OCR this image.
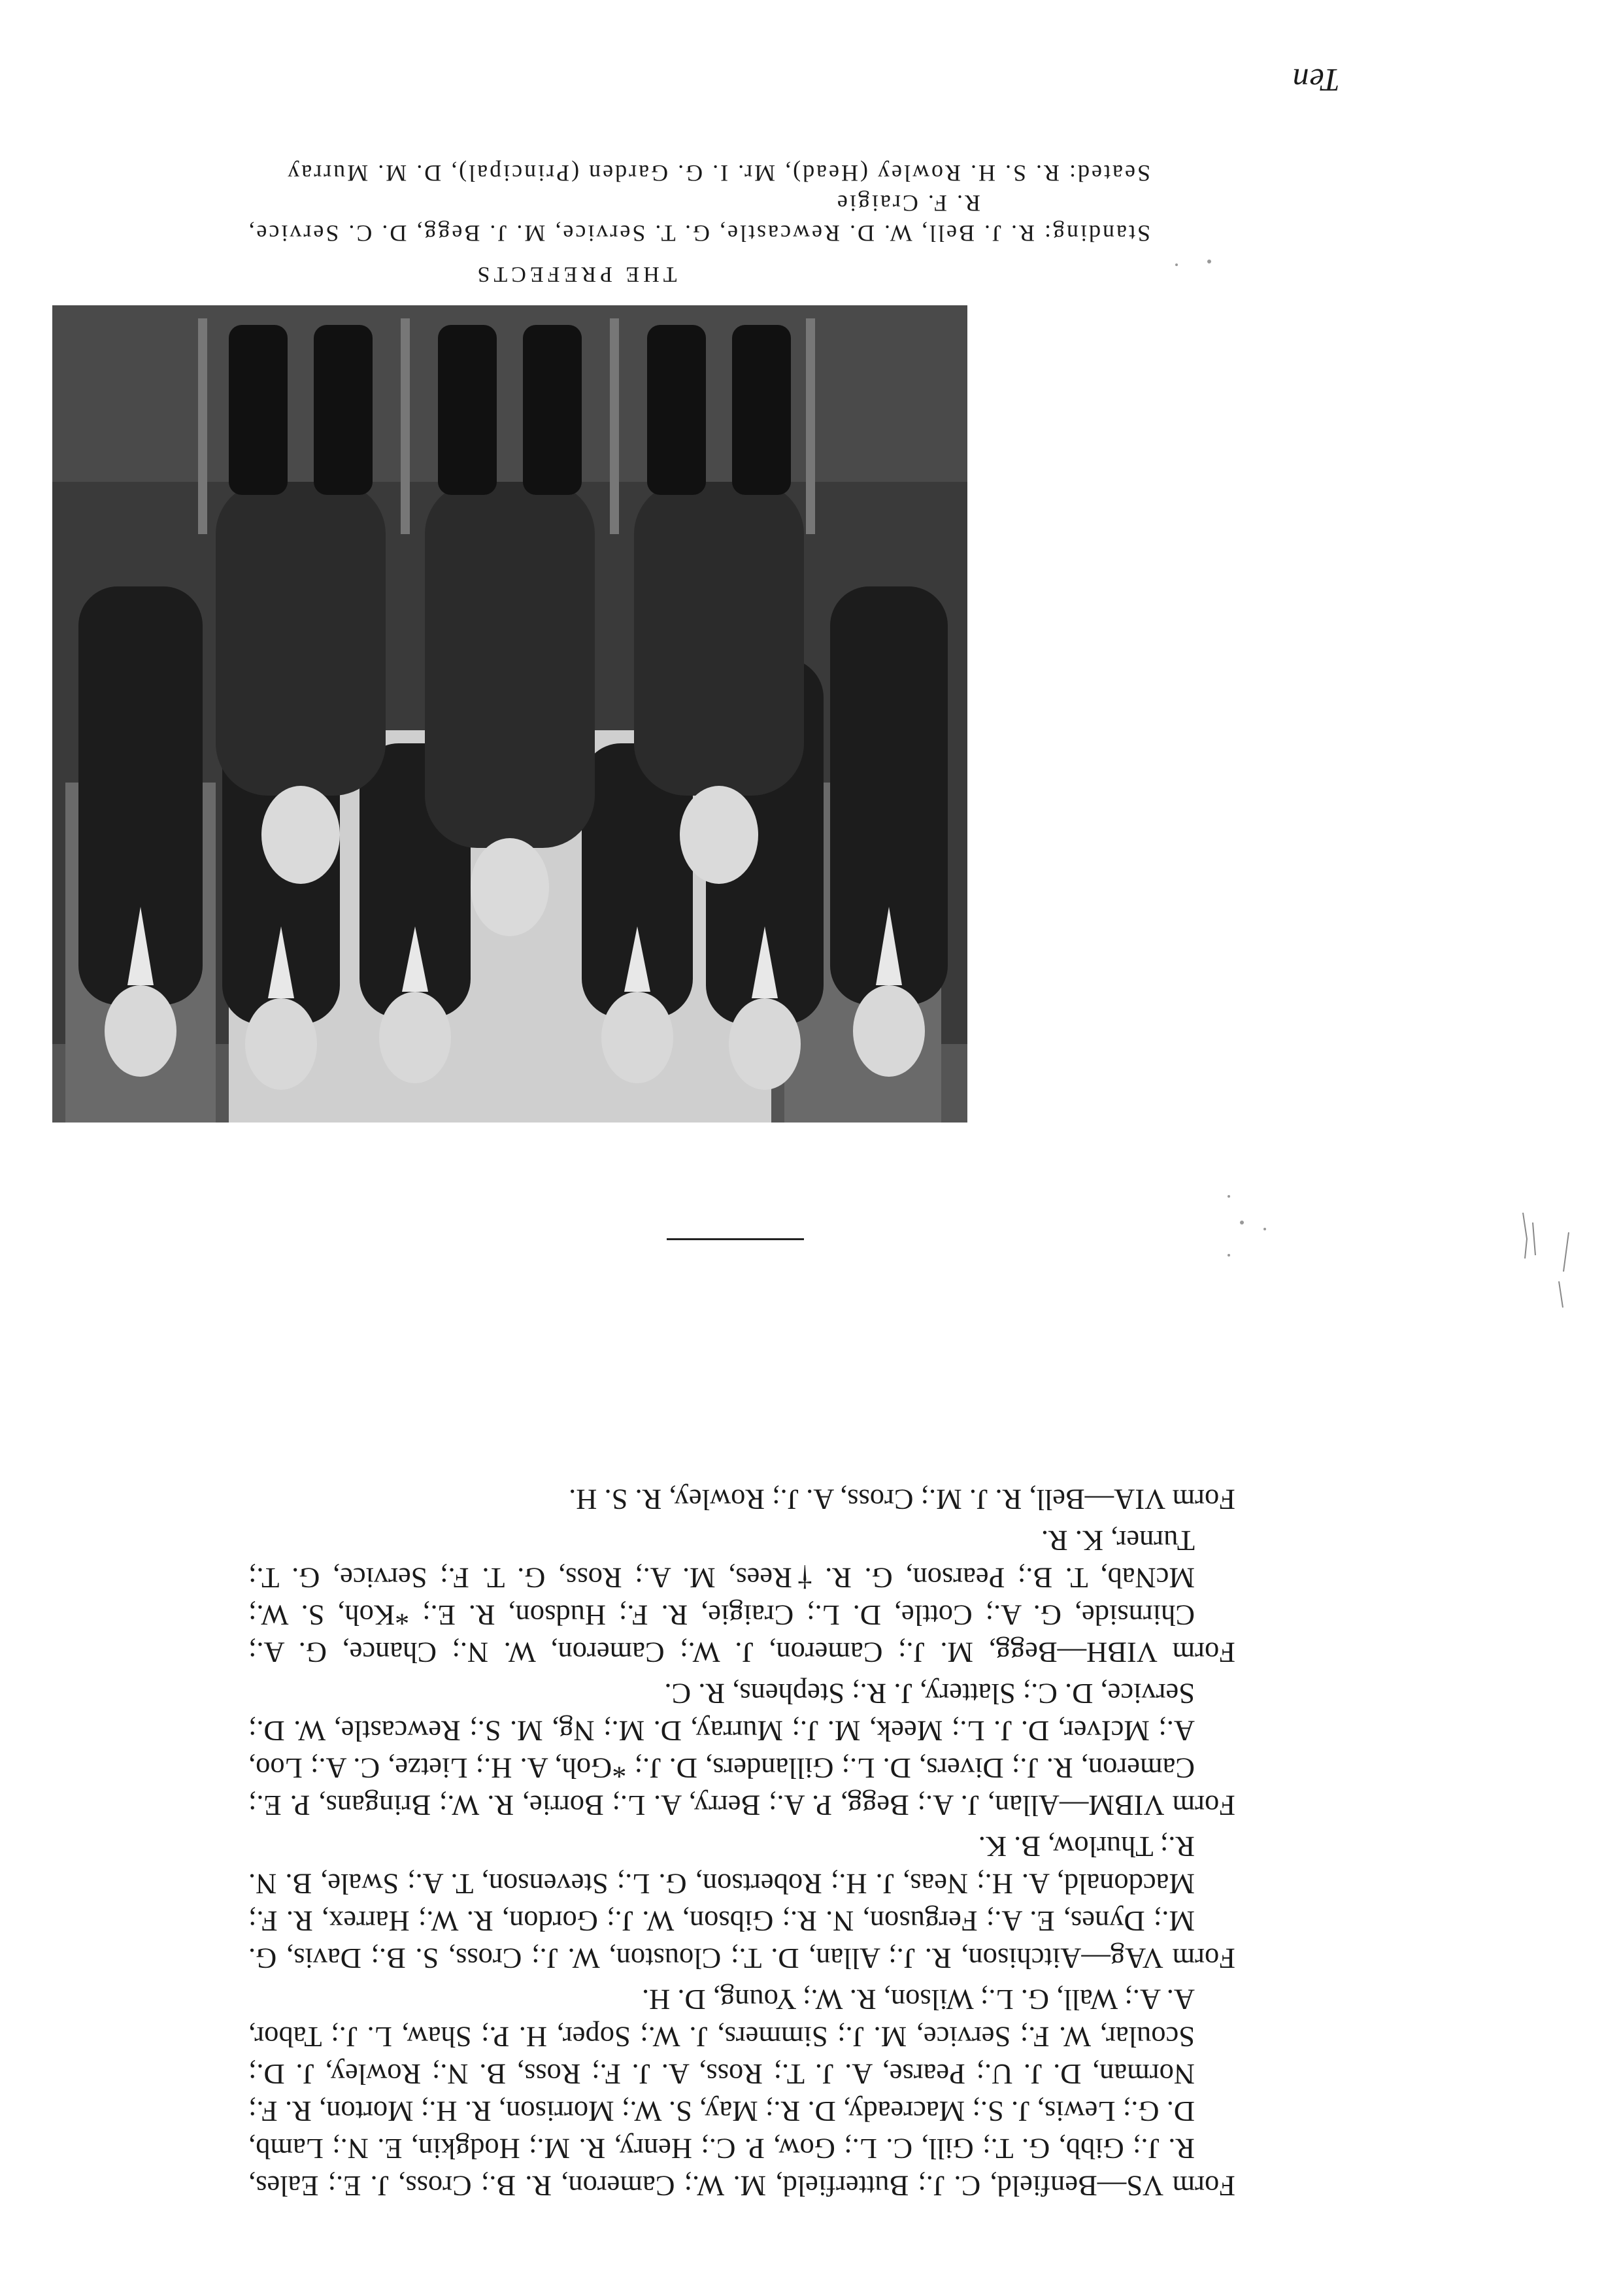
Form VS—Benfield, C. J.; Butterfield, M. W.; Cameron, R. B.; Cross, J. E.; Eales, R. J.; Gibb, G. T.; Gill, C. L.; Gow, P. C.; Henry, R. M.; Hodgkin, E. N.; Lamb, D. G.; Lewis, J. S.; Macready, D. R.; May, S. W.; Morrison, R. H.; Morton, R. F.; Norman, D. J. U.; Pearse, A. J. T.; Ross, A. J. F.; Ross, B. N.; Rowley, J. D.; Scoular, W. F.; Service, M. J.; Simmers, J. W.; Soper, H. P.; Shaw, L. J.; Tabor, A. A.; Wall, G. L.; Wilson, R. W.; Young, D. H.

Form VAg—Aitchison, R. J.; Allan, D. T.; Clouston, W. J.; Cross, S. B.; Davis, G. M.; Dynes, E. A.; Ferguson, N. R.; Gibson, W. J.; Gordon, R. W.; Harrex, R. F.; Macdonald, A. H.; Neas, J. H.; Robertson, G. L.; Stevenson, T. A.; Swale, B. N. R.; Thurlow, B. K.

Form VIBM—Allan, J. A.; Begg, P. A.; Berry, A. L.; Borrie, R. W.; Bringans, P. E.; Cameron, R. J.; Divers, D. L.; Gillanders, D. J.; *Goh, A. H.; Lietze, C. A.; Loo, A.; McIver, D. J. L.; Meek, M. J.; Murray, D. M.; Ng, M. S.; Rewcastle, W. D.; Service, D. C.; Slattery, J. R.; Stephens, R. C.

Form VIBH—Begg, M. J.; Cameron, J. W.; Cameron, W. N.; Chance, G. A.; Chirnside, G. A.; Cottle, D. L.; Craigie, R. F.; Hudson, R. E.; *Koh, S. W.; McNab, T. B.; Pearson, G. R. †Rees, M. A.; Ross, G. T. F.; Service, G. T.; Turner, K. R.

Form VIA—Bell, R. J. M.; Cross, A. J.; Rowley, R. S. H.

THE PREFECTS
Standing: R. J. Bell, W. D. Rewcastle, G. T. Service, M. J. Begg, D. C. Service,
R. F. Craigie
Seated: R. S. H. Rowley (Head), Mr. I. G. Garden (Principal), D. M. Murray
Ten
